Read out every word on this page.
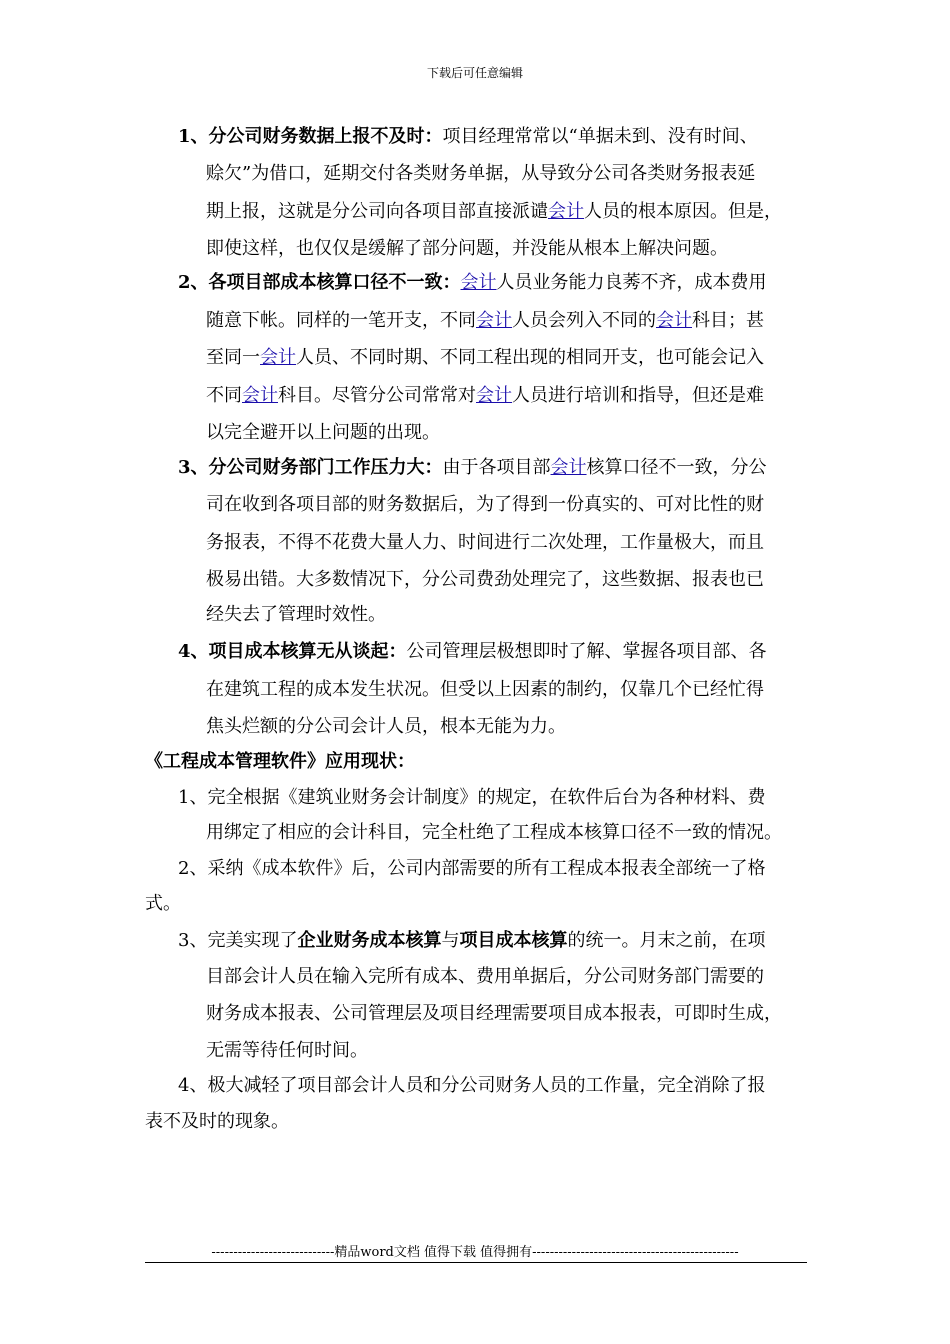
下载后可任意编辑
1、分公司财务数据上报不及时：项目经理常常以“单据未到、没有时间、
赊欠”为借口，延期交付各类财务单据，从导致分公司各类财务报表延
期上报，这就是分公司向各项目部直接派谴会计人员的根本原因。但是，
即使这样，也仅仅是缓解了部分问题，并没能从根本上解决问题。
2、各项目部成本核算口径不一致：会计人员业务能力良莠不齐，成本费用
随意下帐。同样的一笔开支，不同会计人员会列入不同的会计科目；甚
至同一会计人员、不同时期、不同工程出现的相同开支，也可能会记入
不同会计科目。尽管分公司常常对会计人员进行培训和指导，但还是难
以完全避开以上问题的出现。
3、分公司财务部门工作压力大：由于各项目部会计核算口径不一致，分公
司在收到各项目部的财务数据后，为了得到一份真实的、可对比性的财
务报表，不得不花费大量人力、时间进行二次处理，工作量极大，而且
极易出错。大多数情况下，分公司费劲处理完了，这些数据、报表也已
经失去了管理时效性。
4、项目成本核算无从谈起：公司管理层极想即时了解、掌握各项目部、各
在建筑工程的成本发生状况。但受以上因素的制约，仅靠几个已经忙得
焦头烂额的分公司会计人员，根本无能为力。
《工程成本管理软件》应用现状：
1、完全根据《建筑业财务会计制度》的规定，在软件后台为各种材料、费
用绑定了相应的会计科目，完全杜绝了工程成本核算口径不一致的情况。
2、采纳《成本软件》后，公司内部需要的所有工程成本报表全部统一了格
式。
3、完美实现了企业财务成本核算与项目成本核算的统一。月末之前，在项
目部会计人员在输入完所有成本、费用单据后，分公司财务部门需要的
财务成本报表、公司管理层及项目经理需要项目成本报表，可即时生成，
无需等待任何时间。
4、极大减轻了项目部会计人员和分公司财务人员的工作量，完全消除了报
表不及时的现象。
----------------------------精品word文档 值得下载 值得拥有-----------------------------------------------
